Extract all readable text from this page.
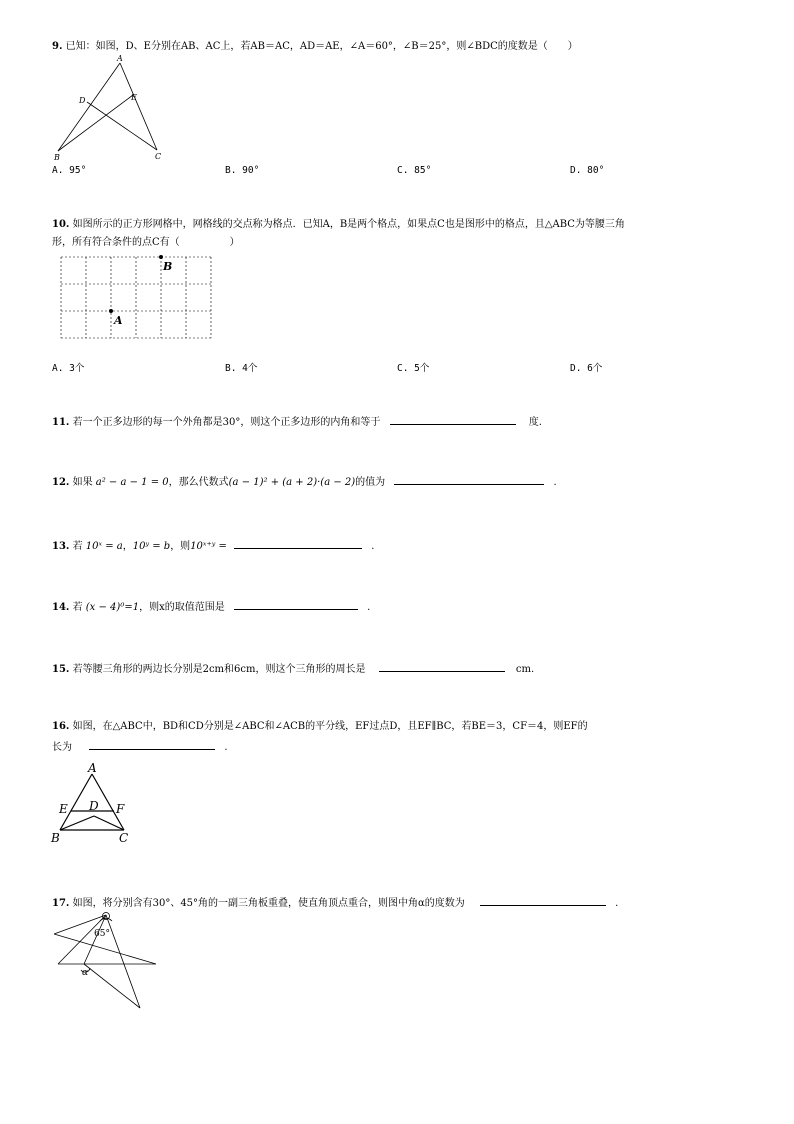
9. 已知：如图，D、E分别在AB、AC上，若AB＝AC，AD＝AE，∠A＝60°，∠B＝25°，则∠BDC的度数是（　　）
A
B	C
D	E
A. 95°	B. 90°	C. 85°	D. 80°
10. 如图所示的正方形网格中，网格线的交点称为格点．已知A，B是两个格点，如果点C也是图形中的格点，且△ABC为等腰三角
形，所有符合条件的点C有（　　　　　）
B
A
A. 3个	B. 4个	C. 5个	D. 6个
11. 若一个正多边形的每一个外角都是30°，则这个正多边形的内角和等于	度.
12. 如果 a² − a − 1 = 0，那么代数式(a − 1)² + (a + 2)·(a − 2)的值为	.
13. 若 10ˣ = a，10ʸ = b，则10ˣ⁺ʸ =	.
14. 若 (x − 4)⁰=1，则x的取值范围是	.
15. 若等腰三角形的两边长分别是2cm和6cm，则这个三角形的周长是	cm.
16. 如图，在△ABC中，BD和CD分别是∠ABC和∠ACB的平分线，EF过点D，且EF∥BC，若BE＝3，CF＝4，则EF的
长为	.
A
E D F
B	C
17. 如图，将分别含有30°、45°角的一副三角板重叠，使直角顶点重合，则图中角α的度数为	.
65°
α
